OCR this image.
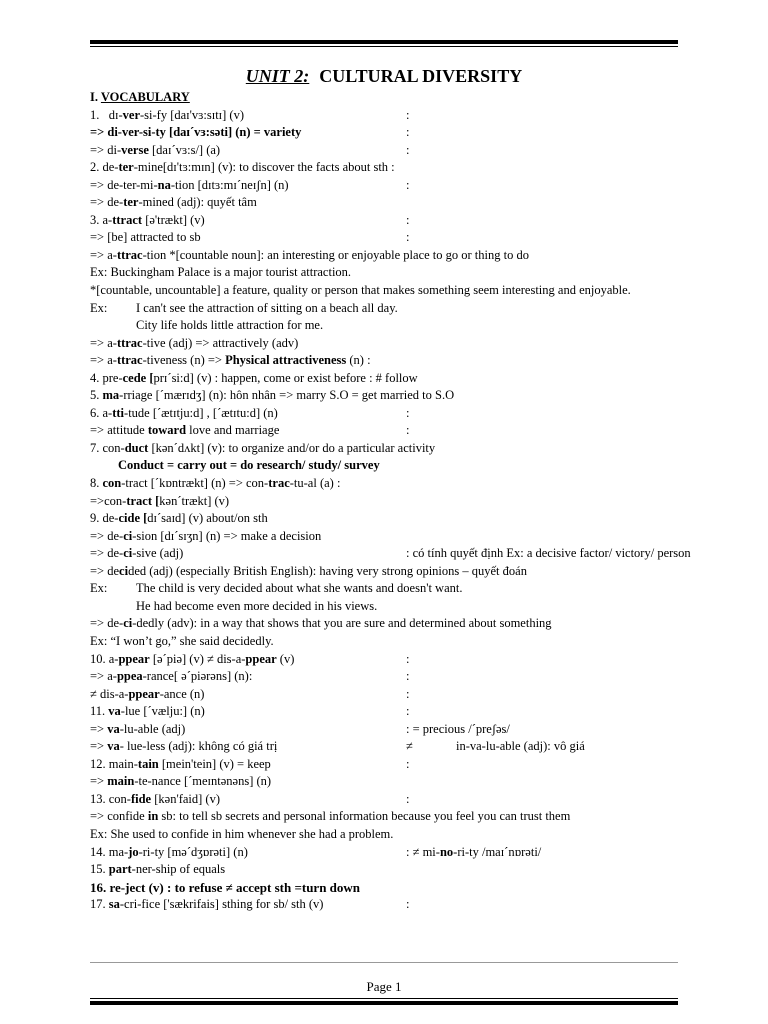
UNIT 2: CULTURAL DIVERSITY
I. VOCABULARY
1. dɪ-ver-si-fy [daɪ'vɜ:sɪtɪ] (v)	:
=> di-ver-si-ty [daɪ´vɜ:səti] (n) = variety	:
=> di-verse [daɪ´vɜ:s/] (a)	:
2. de-ter-mine[dɪ'tɜ:mɪn] (v): to discover the facts about sth :
=> de-ter-mi-na-tion [dɪtɜ:mɪ´neɪʃn] (n)	:
=> de-ter-mined (adj): quyết tâm
3. a-ttract [ə'trækt] (v)	:
=> [be] attracted to sb	:
=> a-ttrac-tion *[countable noun]: an interesting or enjoyable place to go or thing to do
Ex: Buckingham Palace is a major tourist attraction.
*[countable, uncountable] a feature, quality or person that makes something seem interesting and enjoyable.
Ex: I can't see the attraction of sitting on a beach all day.
City life holds little attraction for me.
=> a-ttrac-tive (adj) => attractively (adv)
=> a-ttrac-tiveness (n) => Physical attractiveness (n) :
4. pre-cede [prɪ´si:d] (v) : happen, come or exist before : # follow
5. ma-rriage [´mærɪdʒ] (n): hôn nhân => marry S.O = get married to S.O
6. a-tti-tude [´ætɪtju:d] , [´ætɪtu:d] (n)	:
=> attitude toward love and marriage	:
7. con-duct [kən´dʌkt] (v): to organize and/or do a particular activity
Conduct = carry out = do research/ study/ survey
8. con-tract [´kɒntrækt] (n) => con-trac-tu-al (a) :
=>con-tract [kən´trækt] (v)
9. de-cide [dɪ´saɪd] (v) about/on sth
=> de-ci-sion [dɪ´sɪʒn] (n) => make a decision
=> de-ci-sive (adj)	: có tính quyết định Ex: a decisive factor/ victory/ person
=> decided (adj) (especially British English): having very strong opinions – quyết đoán
Ex: The child is very decided about what she wants and doesn't want.
He had become even more decided in his views.
=> de-ci-dedly (adv): in a way that shows that you are sure and determined about something
Ex: “I won’t go,” she said decidedly.
10. a-ppear [ə´piə] (v) ≠ dis-a-ppear (v)	:
=> a-ppea-rance[ ə´piərəns] (n):	:
≠ dis-a-ppear-ance (n)	:
11. va-lue [´vælju:] (n)	:
=> va-lu-able (adj)	: = precious /´preʃəs/
=> va- lue-less (adj): không có giá trị	≠	in-va-lu-able (adj): vô giá
12. main-tain [mein'tein] (v) = keep	:
=> main-te-nance [´meɪntənəns] (n)
13. con-fide [kən'faid] (v)	:
=> confide in sb: to tell sb secrets and personal information because you feel you can trust them
Ex: She used to confide in him whenever she had a problem.
14. ma-jo-ri-ty [mə´dʒɒrəti] (n)	: ≠ mi-no-ri-ty /maɪ´nɒrəti/
15. part-ner-ship of equals
16. re-ject (v) : to refuse ≠ accept sth =turn down
17. sa-cri-fice ['sækrifais] sthing for sb/ sth (v)	:
Page 1
